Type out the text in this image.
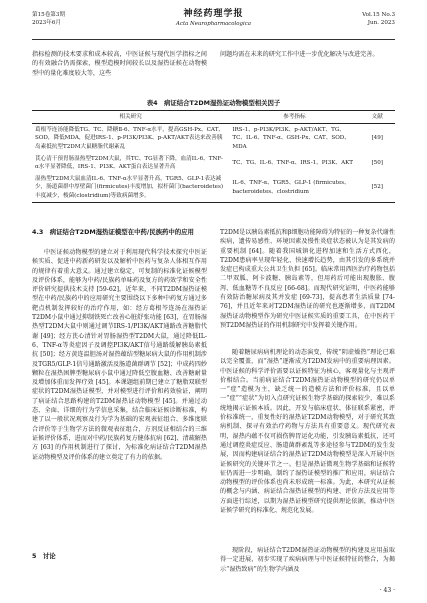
第15卷第3期
2023年6月
神经药理学报
Acta Neuropharmacologica
Vol.15 No.3
Jun. 2023
指标检测的技术要求和成本较高，中医证候与现代医学指标之间的有效融合仍需探索，模型造模时间较长以及湿热证候在动物模型中的量化难度较大等，这些
问题均需在未来的研究工作中进一步优化解决与改进完善。
表4　病证结合T2DM湿热证动物模型相关因子
相关研究	参考指标	文献
葛根芩连汤能降低TG、TC、降糖Ⅱ-6、TNF-α水平，提高GSH-Px、CAT、SOD，降低MDA，促进IRS-1、p-PI3K/PI3K、p-AKT/AKT表达来改善胰岛素抵抗型T2DM大鼠糖脂代谢紊乱	IRS-1、p-PI3K/PI3K、p-AKT/AKT、TG、TC、IL-6、TNF-α、GSH-Px、CAT、SOD、MDA	[49]
芪心清干预胃肠湿热型T2DM大鼠，其TC、TG显著下降，血清IL-6、TNF-α水平显著降低，IRS-1、PI3K、AKT蛋白表达显著升高	TC、TG、IL-6、TNF-α、IRS-1、PI3K、AKT	[50]
湿热型T2DM大鼠血清IL-6、TNF-α水平显著升高，TGR5、GLP-1表达减少，肠道菌群中厚壁菌门(firmicutes)丰度增加，拟杆菌门(bacteroidetes)丰度减少，梭菌(clostridium)等致病菌增多。	IL-6、TNF-α、TGR5、GLP-1 (firmicutes、bacteroidetes、clostridium	[52]
4.3　病证结合T2DM湿热证模型在中药/民族药中的应用
中医证候动物模型的建立对于利用现代科学技术探究中医证候实质、促进中药新药研发以及解析中医药与复杂人体相互作用的规律有着重大意义。通过建立稳定、可复制的标准化证候模型及评价体系，能够为中药/民族药单味药及复方的药效学和安全性评价研究提供技术支持 [59-62]。近年来，不同T2DM湿热证模型在中药/民族药中的应用研究主要围绕以下多种中药复方通过多靶点机制发挥较好的治疗作用，如：经方葛根芩连汤在湿热证T2DM小鼠中通过抑制铁死亡改善心脏舒张功能 [63]，在胃肠湿热型T2DM大鼠中则通过调节IRS-1/PI3K/AKT通路改善糖脂代谢 [49]；经方芪心清针对胃肠湿热型T2DM大鼠，通过降低IL-6、TNF-α等炎症因子及调控PI3K/AKT信号通路缓解胰岛素抵抗 [50]；经方黄连温胆汤对湿热蕴结型糖尿病大鼠的作用机制涉及TGR5/GLP-1信号通路激活及肠道菌群调节 [52]；中成药四妙颗粒在湿热困脾型糖尿病小鼠中通过降低空腹血糖、改善糖耐量及增加体重而发挥疗效 [45]。本课题组前期已建立了糖脂双联型症状的T2DM湿热证模型，并对模型进行评价和药效验证，阐明了病证结合思路构建的T2DM湿热证动物模型 [45]。并通过动态、全面、详细的行为学信息采集，结合临床证候诊断标准，构建了以一般状况观察及行为学为基础的宏观表征组合、多维度联合评价等于生物学方法的微观表征组合，方剂反证相结合的三维证候评价体系，进而对中药/民族药复方健体抗病 [62]、清疏解热方 [63] 的作用机制进行了探讨，为标准化病证结合T2DM湿热证动物模型及评价体系的建立奠定了有力的依据。
5　讨论
T2DM是以胰岛素抵抗和β细胞功能障碍为特征的一种复杂代谢性疾病，遗传易感性、环境因素及慢性炎症状态被认为是其发病的重要机制 [64]。随着我国城镇化进程加速和生活方式西化，T2DM患病率呈现年轻化、快速增长趋势，由其引发的多系统并发症已构成重大公共卫生负担 [65]。临床常用西医治疗药物包括二甲双胍、阿卡波糖、胰岛素等，但用药后可能出现腹胀、腹泻、低血糖等不良反应 [66-68]。而现代研究证明，中医药能够有效防治糖尿病及其并发症 [69-73]，提高患者生活质量 [74-76]，并且近年来对T2DM湿热证的研究也逐渐增多，而T2DM湿热证动物模型作为研究中医证候实质的重要工具，在中医药干预T2DM湿热证的作用机制研究中发挥着关键作用。
随着糖尿病病机理论的动态演变，传统“阴虚燥热”理论已难以完全覆盖，而“湿热”逐渐成为T2DM发病中的重要病理因素。中医证候的科学评价需要以证候特征为核心，客观量化与主观评价相结合。当前病证结合T2DM湿热证动物模型的研究仍以单一“症”造模为主，缺乏统一的造模方法和评价标准，且以单一“症”“症状”为切入点研究证候生物学基础的探索较少，难以系统地揭示证候本质。因此，开发与临床症状、体征联系紧密，评价标准统一，重复性好的湿热证T2DM动物模型，对于研究其致病机制、探寻有效治疗药物与方法具有重要意义。现代研究表明，湿热内蕴不仅可损伤脾胃运化功能，引发胰岛素抵抗，还可通过调控炎症反应、肠道菌群紊乱等多途径参与T2DM的发生发展，因而构建病证结合的湿热证T2DM动物模型是深入开展中医证候研究的关键环节之一。但是湿热证微观生物学基础和证候特征仍需进一步明确，制约了湿热证模型的推广和应用，病证结合动物模型的评价体系也尚未形成统一标准。为此，本研究从证候的概念与内涵、病证结合湿热证模型的构建、评价方法及应用等方面进行综述，以期为湿热证模型研究提供理论依据，推动中医证候学研究的标准化、规范化发展。
现阶段，病证结合T2DM湿热证动物模型的构建及应用虽取得一定进展，初步实现了疾病病理与中医证候特征的整合，为揭示“湿热致病”的生物学内涵及
· 43 ·
